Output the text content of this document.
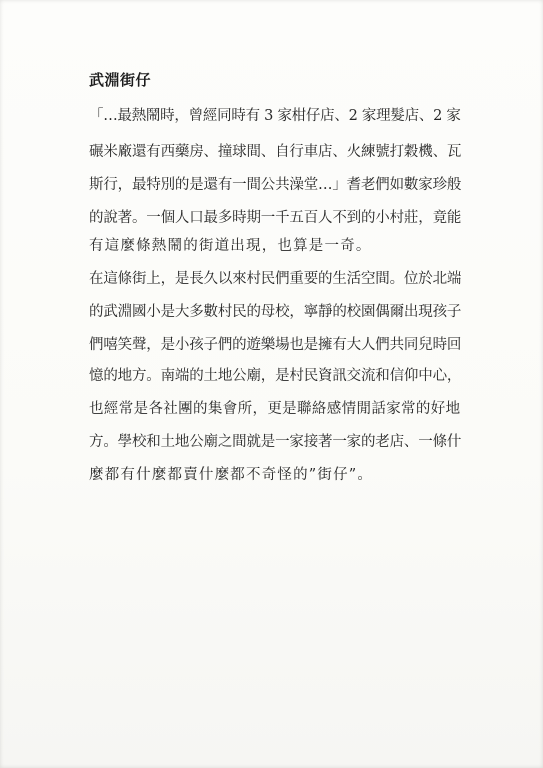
武淵街仔
「…最熱鬧時，曾經同時有 3 家柑仔店、2 家理髮店、2 家
碾米廠還有西藥房、撞球間、自行車店、火練號打穀機、瓦
斯行，最特別的是還有一間公共澡堂…」耆老們如數家珍般
的說著。一個人口最多時期一千五百人不到的小村莊，竟能
有這麼條熱鬧的街道出現，也算是一奇。
在這條街上，是長久以來村民們重要的生活空間。位於北端
的武淵國小是大多數村民的母校，寧靜的校園偶爾出現孩子
們嘻笑聲，是小孩子們的遊樂場也是擁有大人們共同兒時回
憶的地方。南端的土地公廟，是村民資訊交流和信仰中心，
也經常是各社團的集會所，更是聯絡感情閒話家常的好地
方。學校和土地公廟之間就是一家接著一家的老店、一條什
麼都有什麼都賣什麼都不奇怪的”街仔”。
